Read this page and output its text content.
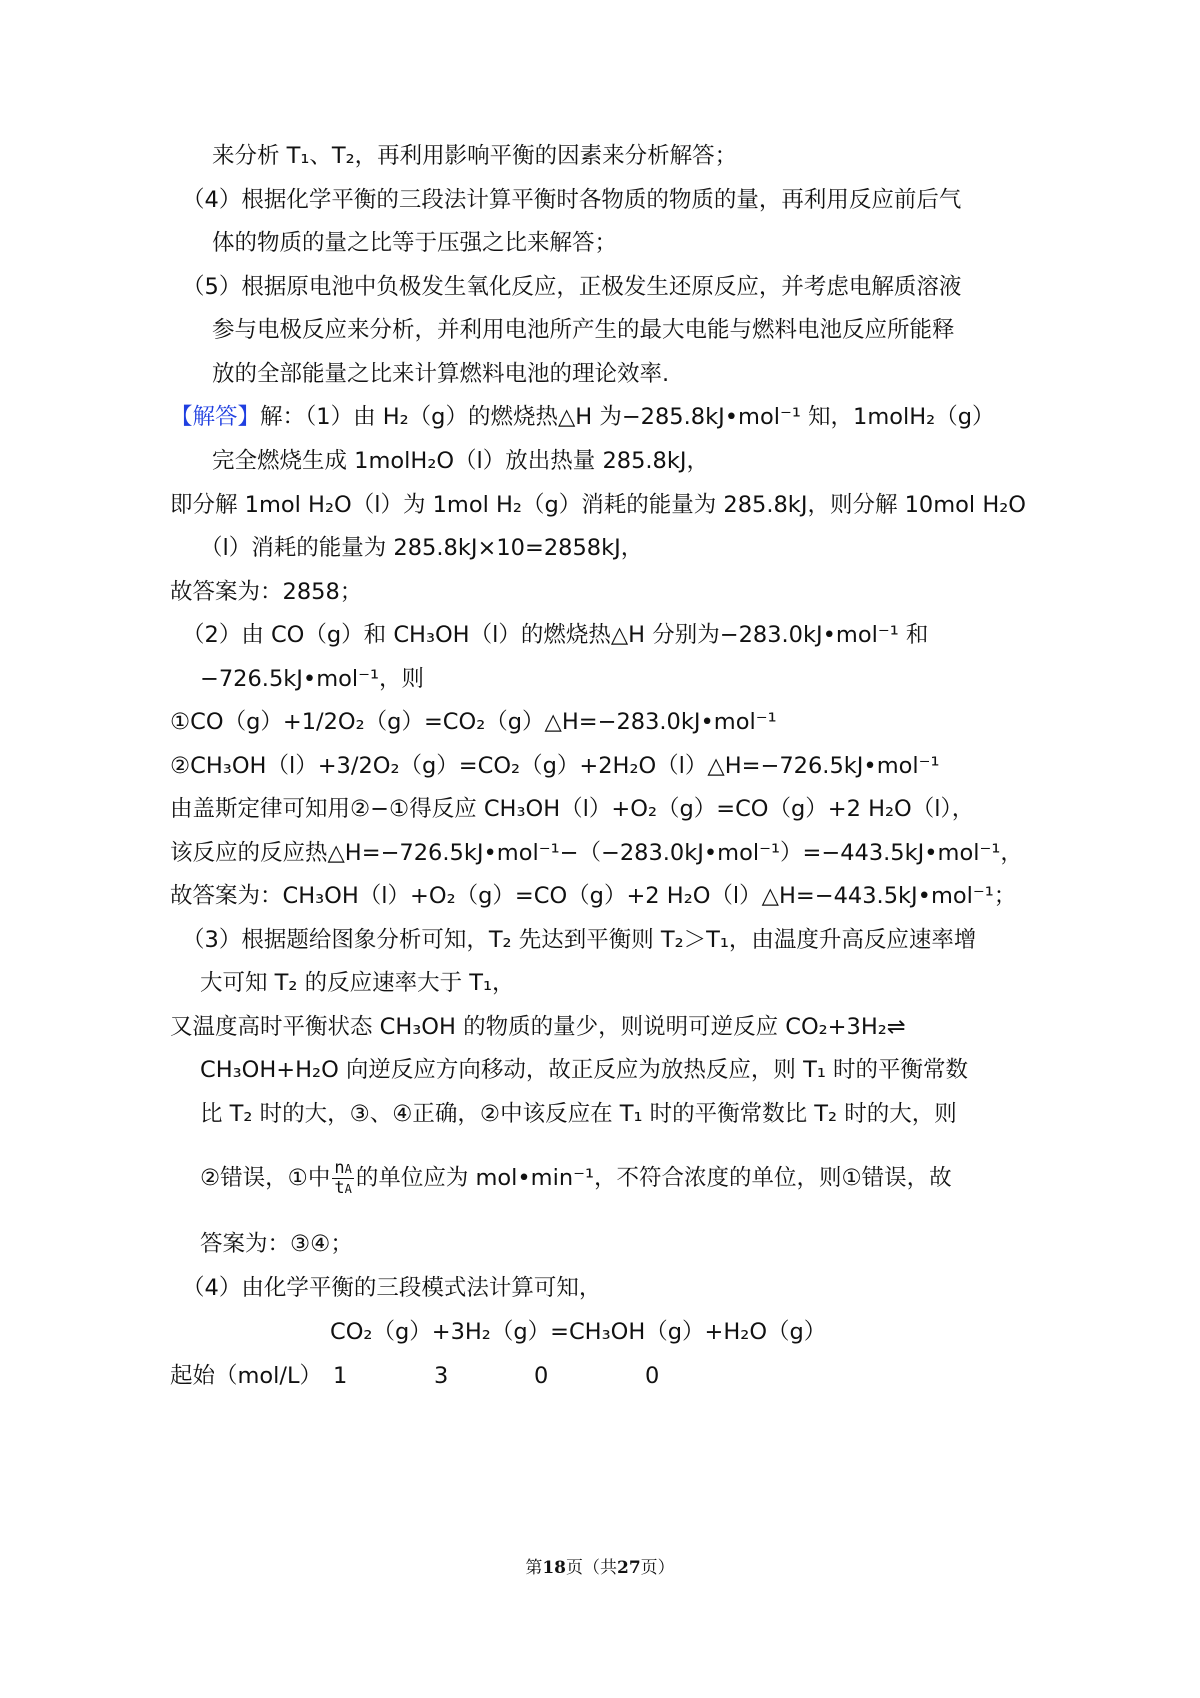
来分析 T₁、T₂，再利用影响平衡的因素来分析解答；
（4）根据化学平衡的三段法计算平衡时各物质的物质的量，再利用反应前后气
体的物质的量之比等于压强之比来解答；
（5）根据原电池中负极发生氧化反应，正极发生还原反应，并考虑电解质溶液
参与电极反应来分析，并利用电池所产生的最大电能与燃料电池反应所能释
放的全部能量之比来计算燃料电池的理论效率.
【解答】解：（1）由 H₂（g）的燃烧热△H 为−285.8kJ•mol⁻¹ 知，1molH₂（g）
完全燃烧生成 1molH₂O（l）放出热量 285.8kJ，
即分解 1mol H₂O（l）为 1mol H₂（g）消耗的能量为 285.8kJ，则分解 10mol H₂O
（l）消耗的能量为 285.8kJ×10=2858kJ，
故答案为：2858；
（2）由 CO（g）和 CH₃OH（l）的燃烧热△H 分别为−283.0kJ•mol⁻¹ 和
−726.5kJ•mol⁻¹，则
①CO（g）+1/2O₂（g）=CO₂（g）△H=−283.0kJ•mol⁻¹
②CH₃OH（l）+3/2O₂（g）=CO₂（g）+2H₂O（l）△H=−726.5kJ•mol⁻¹
由盖斯定律可知用②−①得反应 CH₃OH（l）+O₂（g）=CO（g）+2 H₂O（l），
该反应的反应热△H=−726.5kJ•mol⁻¹−（−283.0kJ•mol⁻¹）=−443.5kJ•mol⁻¹，
故答案为：CH₃OH（l）+O₂（g）=CO（g）+2 H₂O（l）△H=−443.5kJ•mol⁻¹；
（3）根据题给图象分析可知，T₂ 先达到平衡则 T₂＞T₁，由温度升高反应速率增
大可知 T₂ 的反应速率大于 T₁，
又温度高时平衡状态 CH₃OH 的物质的量少，则说明可逆反应 CO₂+3H₂⇌
CH₃OH+H₂O 向逆反应方向移动，故正反应为放热反应，则 T₁ 时的平衡常数
比 T₂ 时的大，③、④正确，②中该反应在 T₁ 时的平衡常数比 T₂ 时的大，则
②错误，①中 $\frac{nA}{tA}$ 的单位应为 mol•min⁻¹，不符合浓度的单位，则①错误，故
答案为：③④；
（4）由化学平衡的三段模式法计算可知，
CO₂（g）+3H₂（g）=CH₃OH（g）+H₂O（g）
起始（mol/L） 1	3	0	0
第18页（共27页）
